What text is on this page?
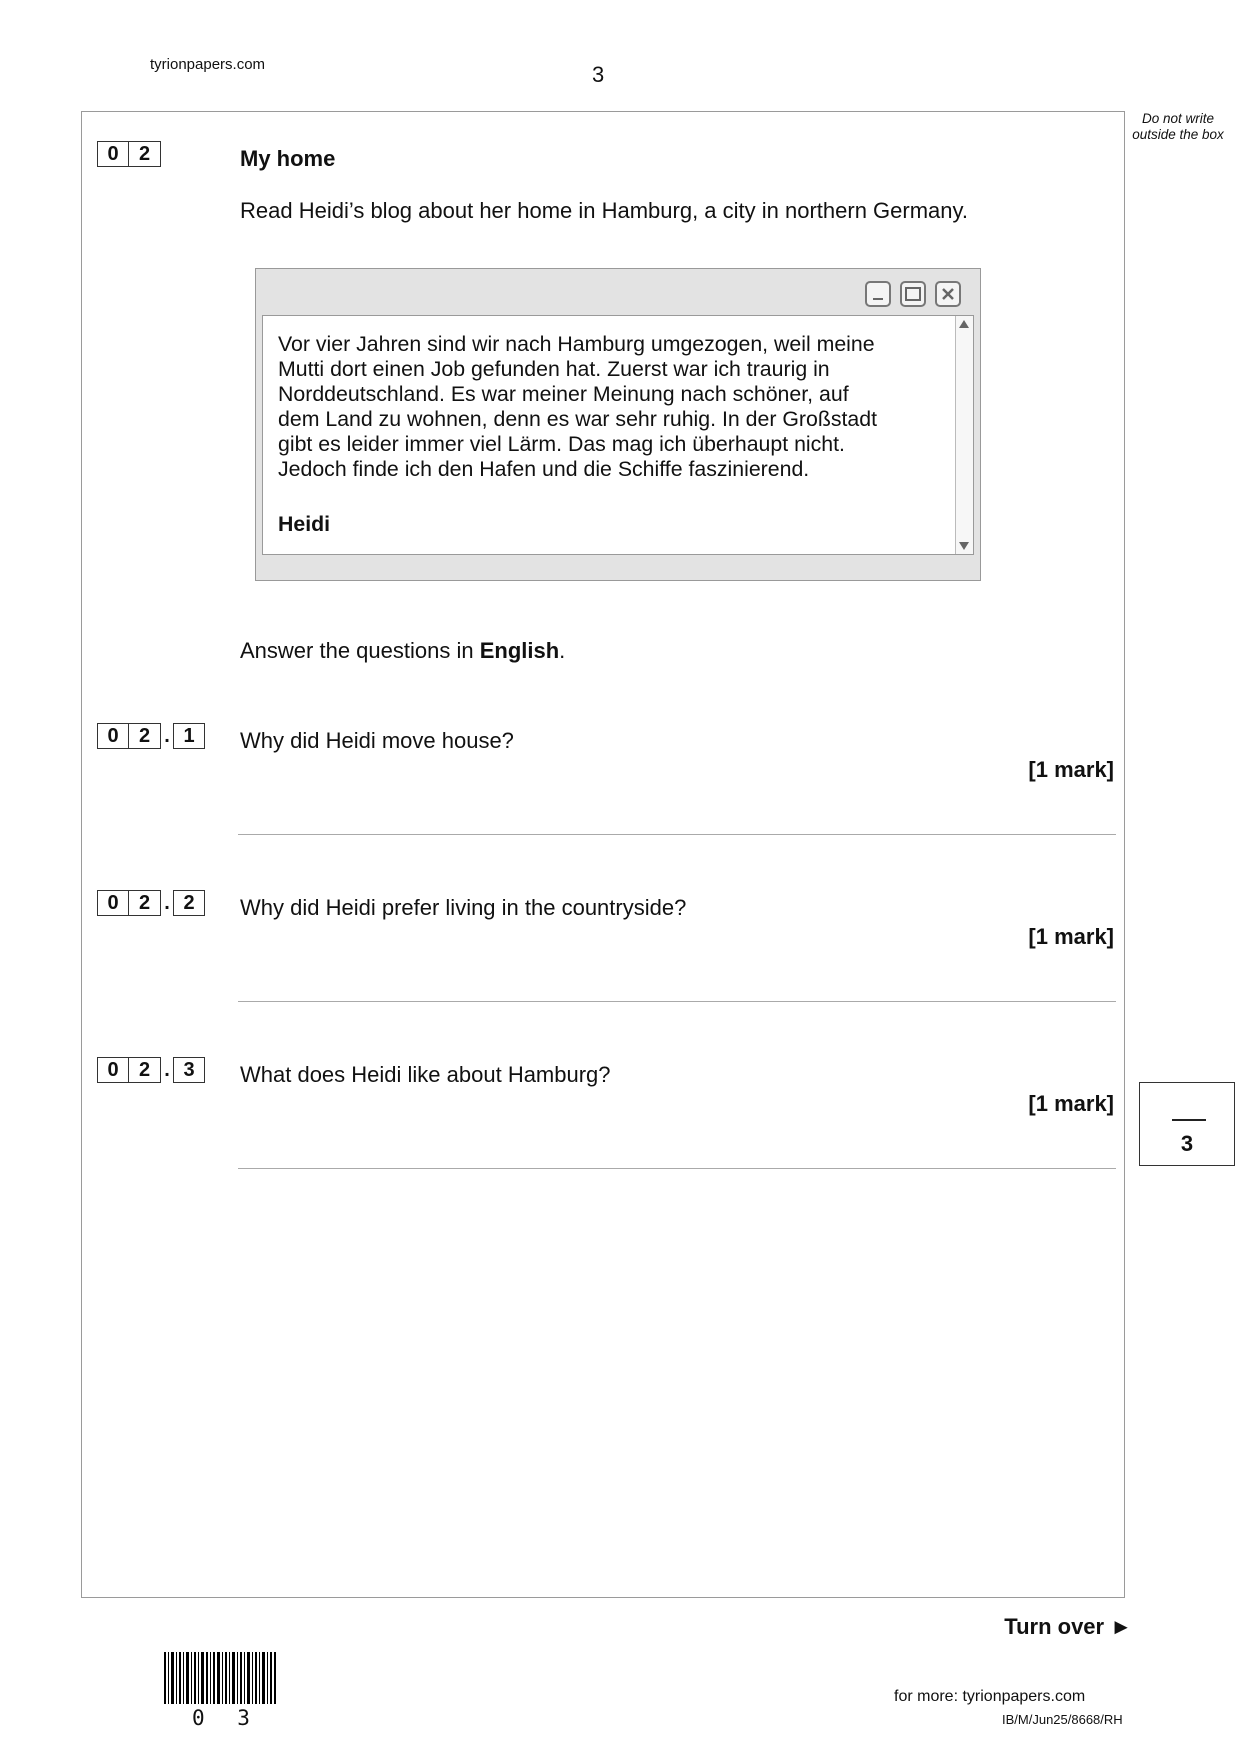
tyrionpapers.com	3
Do not write outside the box
0	2	My home
Read Heidi’s blog about her home in Hamburg, a city in northern Germany.
Vor vier Jahren sind wir nach Hamburg umgezogen, weil meine
Mutti dort einen Job gefunden hat. Zuerst war ich traurig in
Norddeutschland. Es war meiner Meinung nach schöner, auf
dem Land zu wohnen, denn es war sehr ruhig. In der Großstadt
gibt es leider immer viel Lärm. Das mag ich überhaupt nicht.
Jedoch finde ich den Hafen und die Schiffe faszinierend.
Heidi
Answer the questions in English.
0	2 . 1	Why did Heidi move house?
[1 mark]
0	2 . 2	Why did Heidi prefer living in the countryside?
[1 mark]
0	2 . 3	What does Heidi like about Hamburg?
[1 mark]
3
Turn over ►
0 3
for more: tyrionpapers.com
IB/M/Jun25/8668/RH
